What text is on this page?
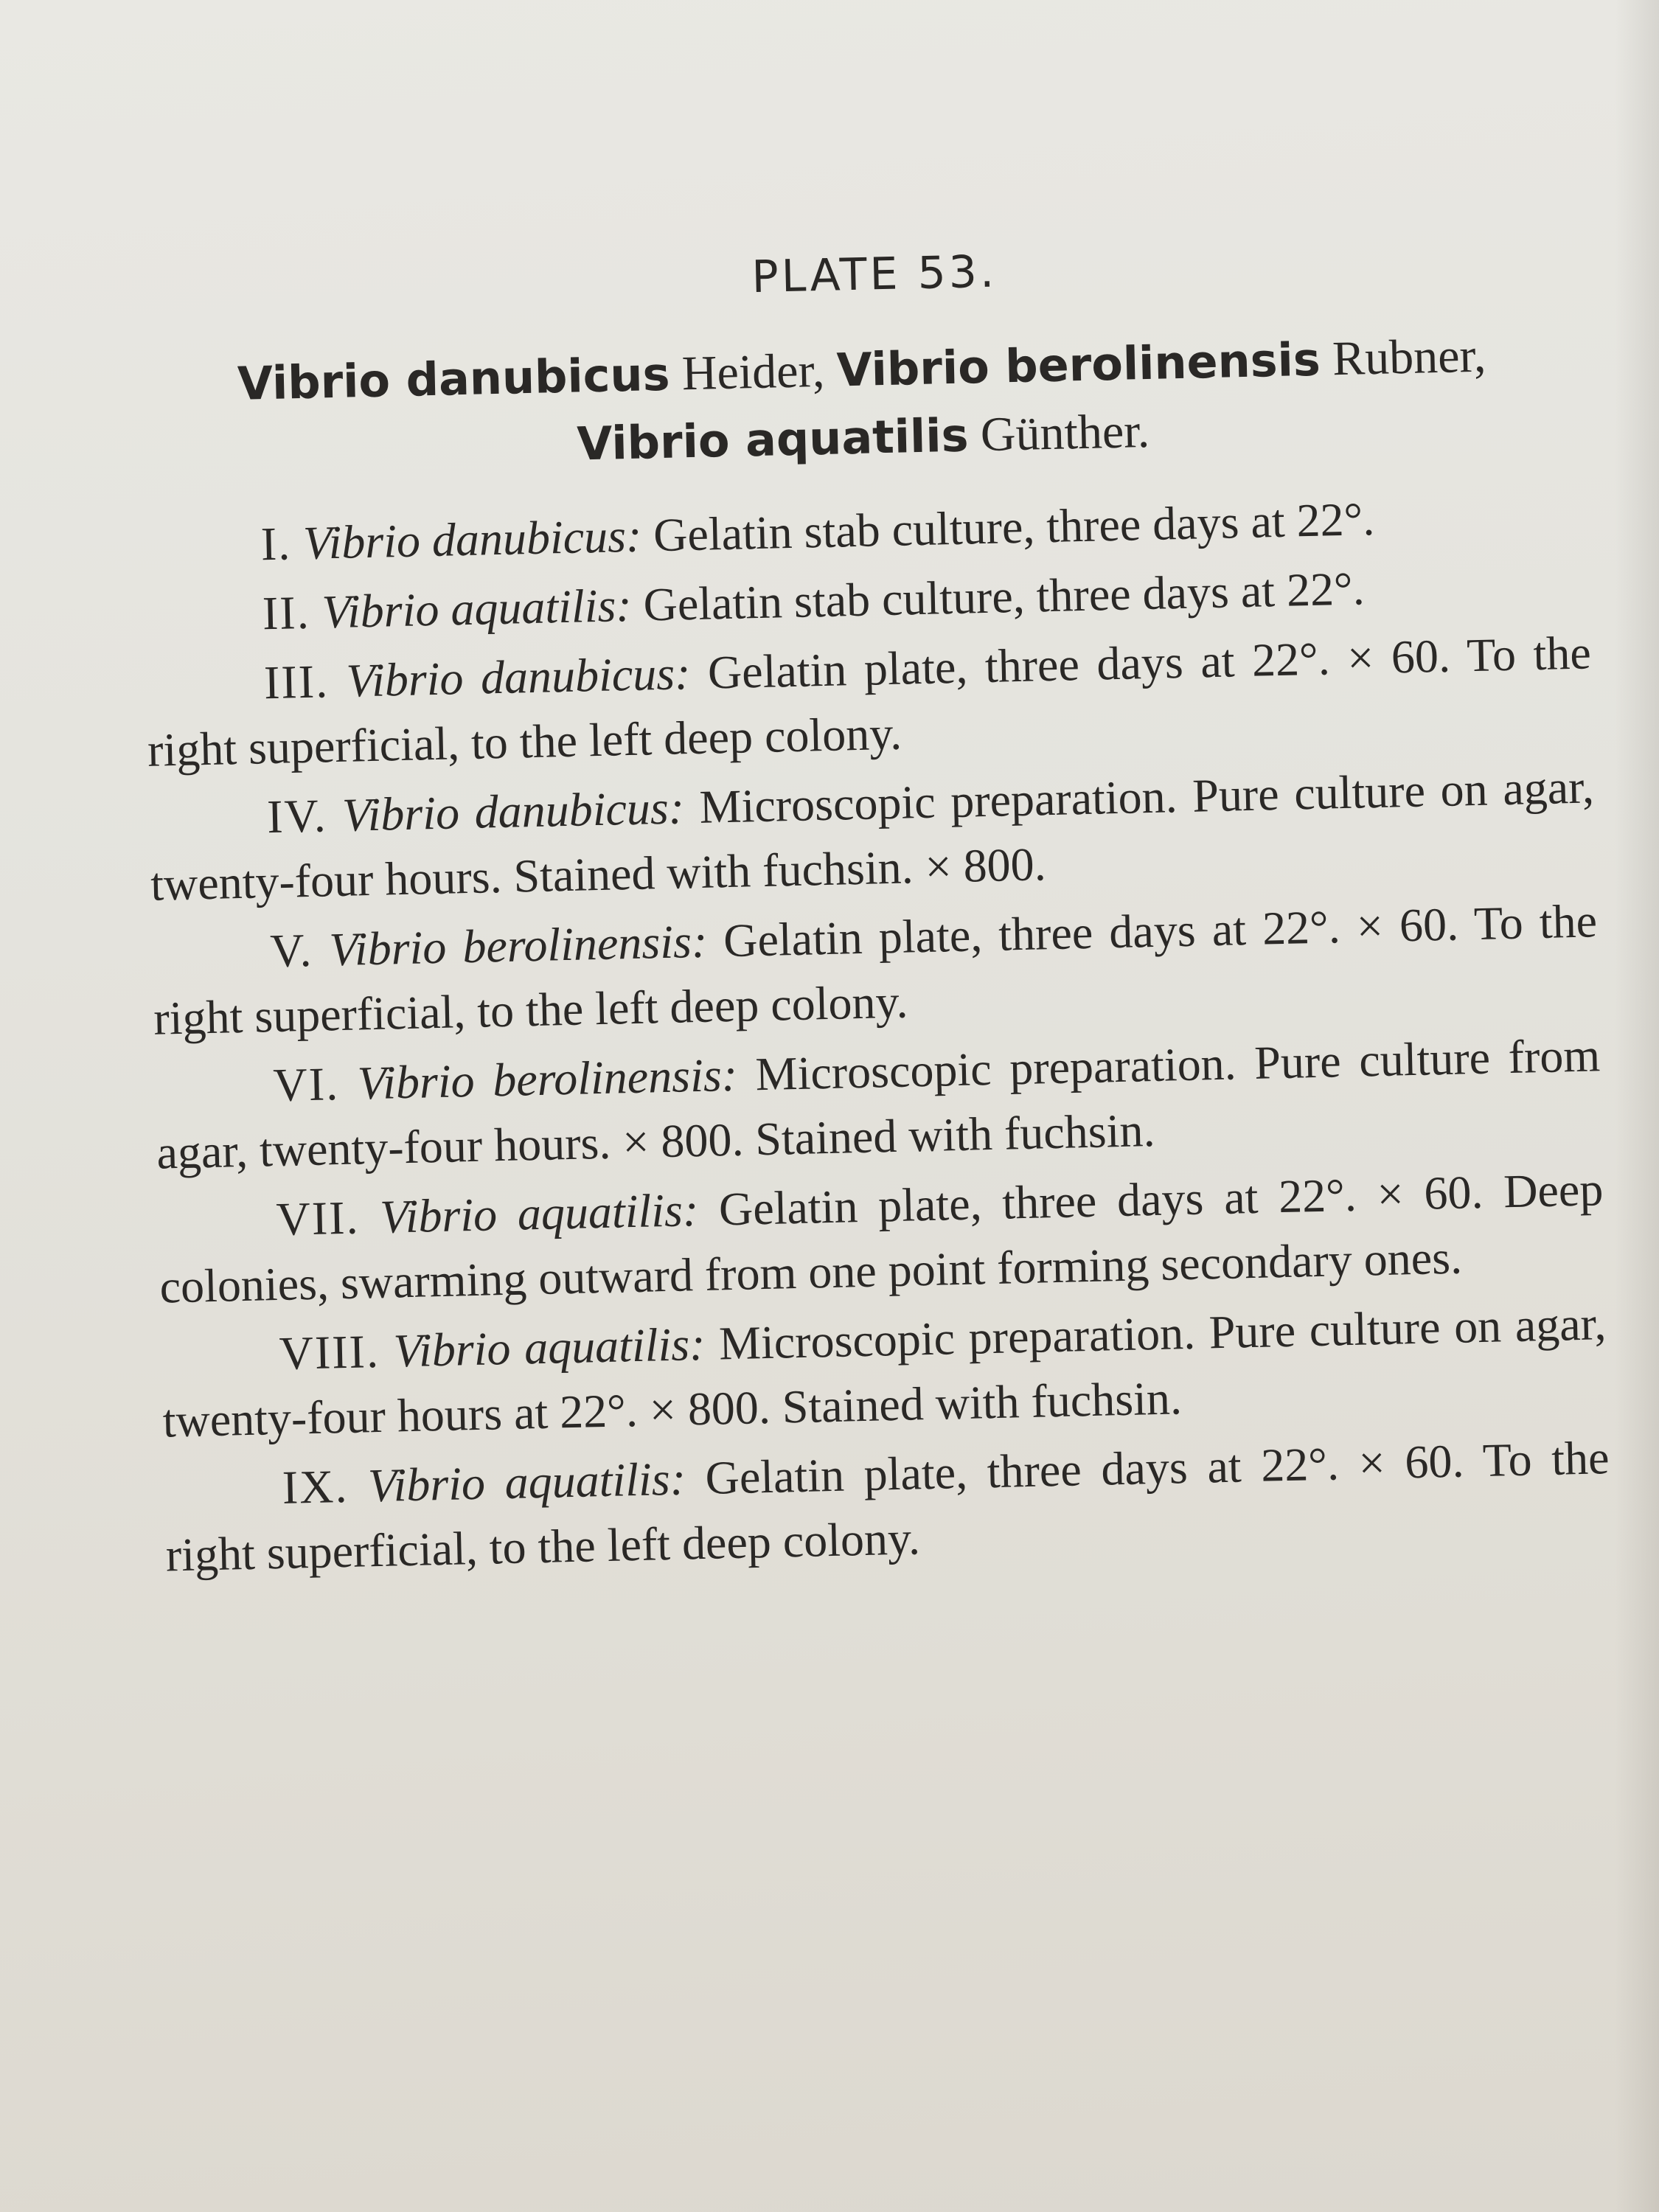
PLATE 53.
Vibrio danubicus Heider, Vibrio berolinensis Rubner,
Vibrio aquatilis Günther.

I. Vibrio danubicus: Gelatin stab culture, three days at 22°.

II. Vibrio aquatilis: Gelatin stab culture, three days at 22°.

III. Vibrio danubicus: Gelatin plate, three days at 22°. × 60. To the right superficial, to the left deep colony.

IV. Vibrio danubicus: Microscopic preparation. Pure culture on agar, twenty-four hours. Stained with fuchsin. × 800.

V. Vibrio berolinensis: Gelatin plate, three days at 22°. × 60. To the right superficial, to the left deep colony.

VI. Vibrio berolinensis: Microscopic preparation. Pure culture from agar, twenty-four hours. × 800. Stained with fuchsin.

VII. Vibrio aquatilis: Gelatin plate, three days at 22°. × 60. Deep colonies, swarming outward from one point forming secondary ones.

VIII. Vibrio aquatilis: Microscopic preparation. Pure culture on agar, twenty-four hours at 22°. × 800. Stained with fuchsin.

IX. Vibrio aquatilis: Gelatin plate, three days at 22°. × 60. To the right superficial, to the left deep colony.
